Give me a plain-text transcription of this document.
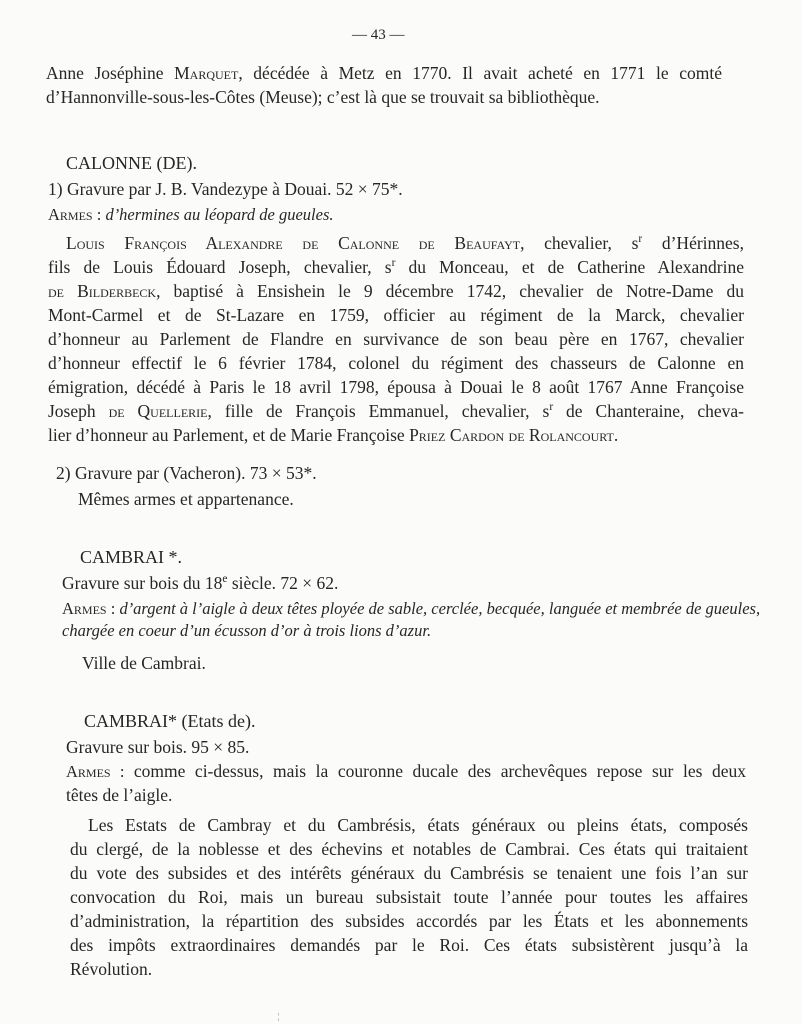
— 43 —
Anne Joséphine Marquet, décédée à Metz en 1770. Il avait acheté en 1771 le comté
d’Hannonville-sous-les-Côtes (Meuse); c’est là que se trouvait sa bibliothèque.
CALONNE (DE).
1) Gravure par J. B. Vandezype à Douai. 52 × 75*.
Armes : d’hermines au léopard de gueules.
Louis François Alexandre de Calonne de Beaufayt, chevalier, $s^r$ d’Hérinnes,
fils de Louis Édouard Joseph, chevalier, $s^r$ du Monceau, et de Catherine Alexandrine
de Bilderbeck, baptisé à Ensishein le 9 décembre 1742, chevalier de Notre-Dame du
Mont-Carmel et de St-Lazare en 1759, officier au régiment de la Marck, chevalier
d’honneur au Parlement de Flandre en survivance de son beau père en 1767, chevalier
d’honneur effectif le 6 février 1784, colonel du régiment des chasseurs de Calonne en
émigration, décédé à Paris le 18 avril 1798, épousa à Douai le 8 août 1767 Anne Françoise
Joseph de Quellerie, fille de François Emmanuel, chevalier, $s^r$ de Chanteraine, cheva-
lier d’honneur au Parlement, et de Marie Françoise Priez Cardon de Rolancourt.
2) Gravure par (Vacheron). 73 × 53*.
Mêmes armes et appartenance.
CAMBRAI *.
Gravure sur bois du 18e siècle. 72 × 62.
Armes : d’argent à l’aigle à deux têtes ployée de sable, cerclée, becquée, languée et membrée de gueules,
chargée en coeur d’un écusson d’or à trois lions d’azur.
Ville de Cambrai.
CAMBRAI* (Etats de).
Gravure sur bois. 95 × 85.
Armes : comme ci-dessus, mais la couronne ducale des archevêques repose sur les deux
têtes de l’aigle.
Les Estats de Cambray et du Cambrésis, états généraux ou pleins états, composés
du clergé, de la noblesse et des échevins et notables de Cambrai. Ces états qui traitaient
du vote des subsides et des intérêts généraux du Cambrésis se tenaient une fois l’an sur
convocation du Roi, mais un bureau subsistait toute l’année pour toutes les affaires
d’administration, la répartition des subsides accordés par les États et les abonnements
des impôts extraordinaires demandés par le Roi. Ces états subsistèrent jusqu’à la
Révolution.
¦
